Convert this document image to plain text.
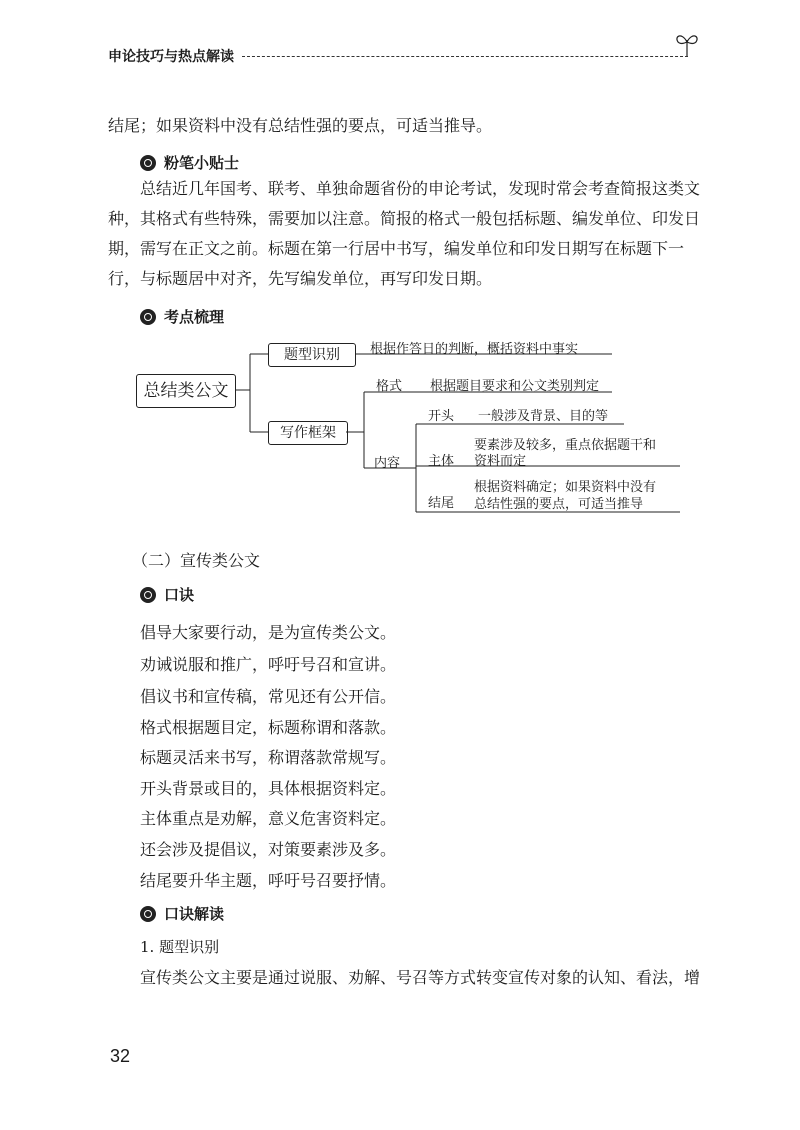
申论技巧与热点解读
结尾；如果资料中没有总结性强的要点，可适当推导。
粉笔小贴士
总结近几年国考、联考、单独命题省份的申论考试，发现时常会考查简报这类文种，其格式有些特殊，需要加以注意。简报的格式一般包括标题、编发单位、印发日期，需写在正文之前。标题在第一行居中书写，编发单位和印发日期写在标题下一行，与标题居中对齐，先写编发单位，再写印发日期。
考点梳理
总结类公文
题型识别
写作框架
根据作答日的判断，概括资料中事实
格式 根据题目要求和公文类别判定
内容
开头 一般涉及背景、目的等
主体
要素涉及较多，重点依据题干和
资料而定
结尾
根据资料确定；如果资料中没有
总结性强的要点，可适当推导
（二）宣传类公文
口诀
倡导大家要行动，是为宣传类公文。
劝诫说服和推广，呼吁号召和宣讲。
倡议书和宣传稿，常见还有公开信。
格式根据题目定，标题称谓和落款。
标题灵活来书写，称谓落款常规写。
开头背景或目的，具体根据资料定。
主体重点是劝解，意义危害资料定。
还会涉及提倡议，对策要素涉及多。
结尾要升华主题，呼吁号召要抒情。
口诀解读
1. 题型识别
宣传类公文主要是通过说服、劝解、号召等方式转变宣传对象的认知、看法，增
32
